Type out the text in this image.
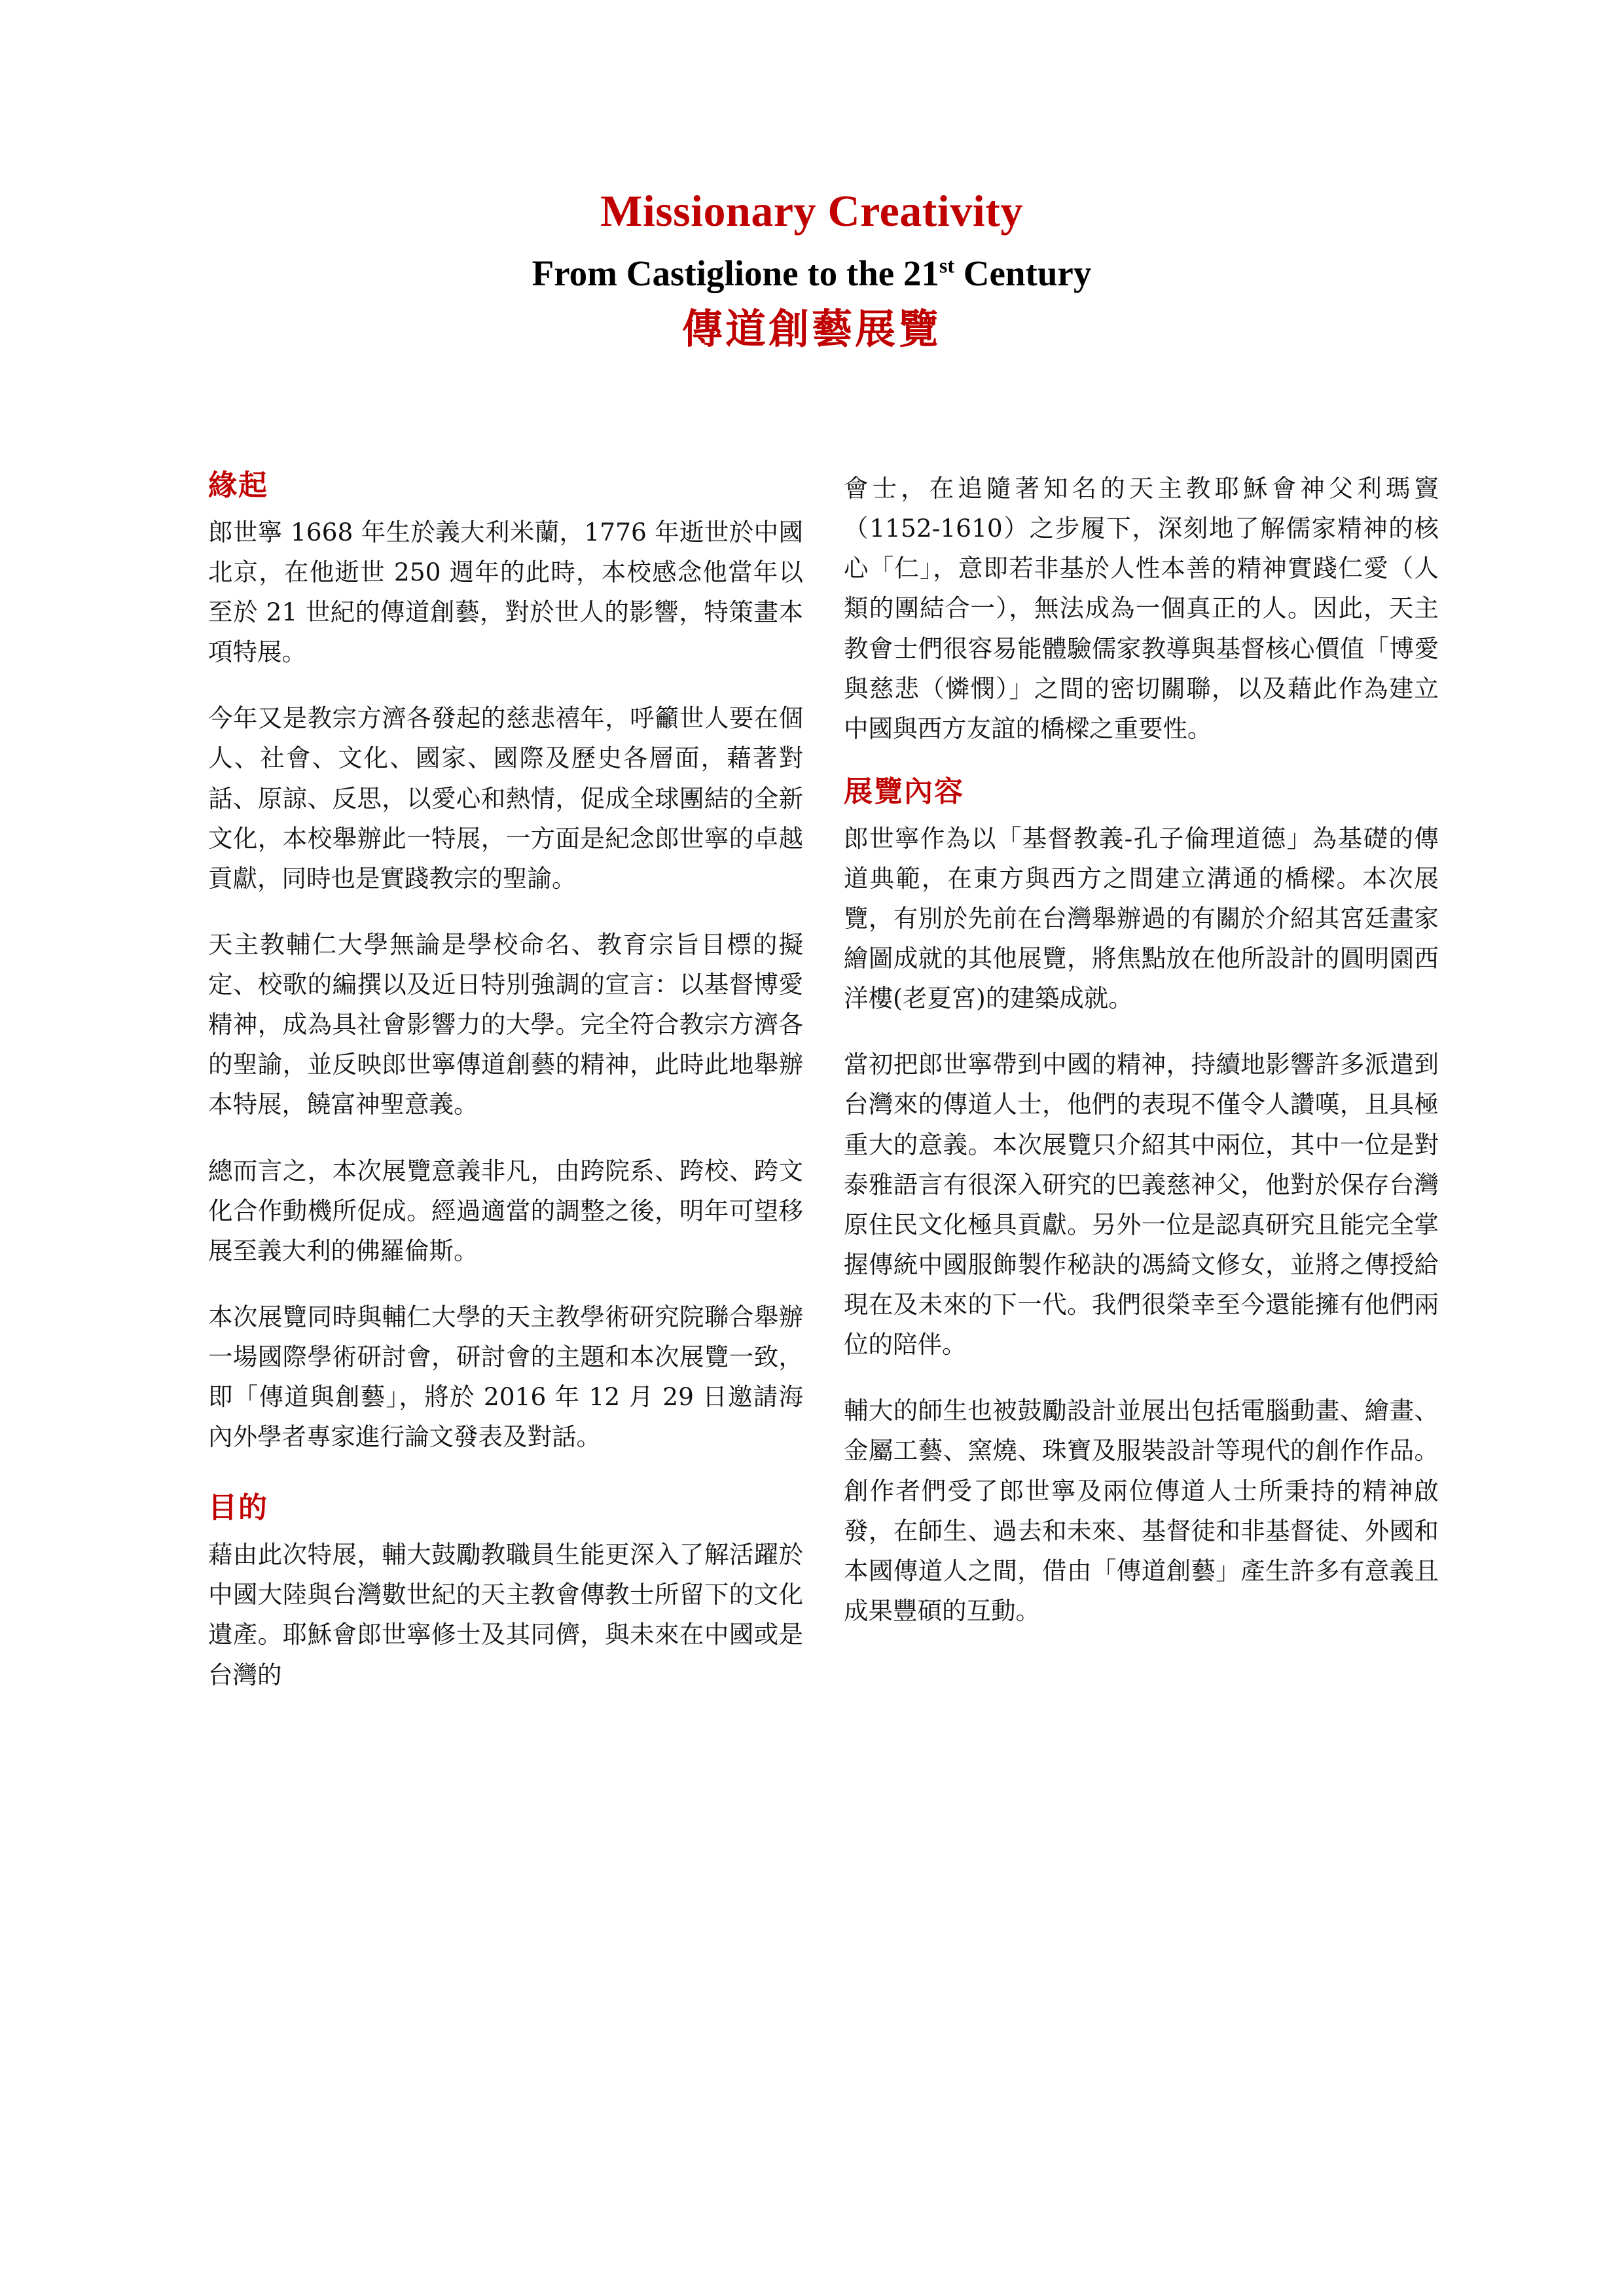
Missionary Creativity
From Castiglione to the 21st Century
傳道創藝展覽
緣起

郎世寧 1668 年生於義大利米蘭，1776 年逝世於中國北京，在他逝世 250 週年的此時，本校感念他當年以至於 21 世紀的傳道創藝，對於世人的影響，特策畫本項特展。

今年又是教宗方濟各發起的慈悲禧年，呼籲世人要在個人、社會、文化、國家、國際及歷史各層面，藉著對話、原諒、反思，以愛心和熱情，促成全球團結的全新文化，本校舉辦此一特展，一方面是紀念郎世寧的卓越貢獻，同時也是實踐教宗的聖諭。

天主教輔仁大學無論是學校命名、教育宗旨目標的擬定、校歌的編撰以及近日特別強調的宣言：以基督博愛精神，成為具社會影響力的大學。完全符合教宗方濟各的聖諭，並反映郎世寧傳道創藝的精神，此時此地舉辦本特展，饒富神聖意義。

總而言之，本次展覽意義非凡，由跨院系、跨校、跨文化合作動機所促成。經過適當的調整之後，明年可望移展至義大利的佛羅倫斯。

本次展覽同時與輔仁大學的天主教學術研究院聯合舉辦一場國際學術研討會，研討會的主題和本次展覽一致，即「傳道與創藝」，將於 2016 年 12 月 29 日邀請海內外學者專家進行論文發表及對話。

目的

藉由此次特展，輔大鼓勵教職員生能更深入了解活躍於中國大陸與台灣數世紀的天主教會傳教士所留下的文化遺產。耶穌會郎世寧修士及其同儕，與未來在中國或是台灣的

會士，在追隨著知名的天主教耶穌會神父利瑪竇（1152-1610）之步履下，深刻地了解儒家精神的核心「仁」，意即若非基於人性本善的精神實踐仁愛（人類的團結合一），無法成為一個真正的人。因此，天主教會士們很容易能體驗儒家教導與基督核心價值「博愛與慈悲（憐憫）」之間的密切關聯，以及藉此作為建立中國與西方友誼的橋樑之重要性。

展覽內容

郎世寧作為以「基督教義-孔子倫理道德」為基礎的傳道典範，在東方與西方之間建立溝通的橋樑。本次展覽，有別於先前在台灣舉辦過的有關於介紹其宮廷畫家繪圖成就的其他展覽，將焦點放在他所設計的圓明園西洋樓(老夏宮)的建築成就。

當初把郎世寧帶到中國的精神，持續地影響許多派遣到台灣來的傳道人士，他們的表現不僅令人讚嘆，且具極重大的意義。本次展覽只介紹其中兩位，其中一位是對泰雅語言有很深入研究的巴義慈神父，他對於保存台灣原住民文化極具貢獻。另外一位是認真研究且能完全掌握傳統中國服飾製作秘訣的馮綺文修女，並將之傳授給現在及未來的下一代。我們很榮幸至今還能擁有他們兩位的陪伴。

輔大的師生也被鼓勵設計並展出包括電腦動畫、繪畫、金屬工藝、窯燒、珠寶及服裝設計等現代的創作作品。創作者們受了郎世寧及兩位傳道人士所秉持的精神啟發，在師生、過去和未來、基督徒和非基督徒、外國和本國傳道人之間，借由「傳道創藝」產生許多有意義且成果豐碩的互動。
